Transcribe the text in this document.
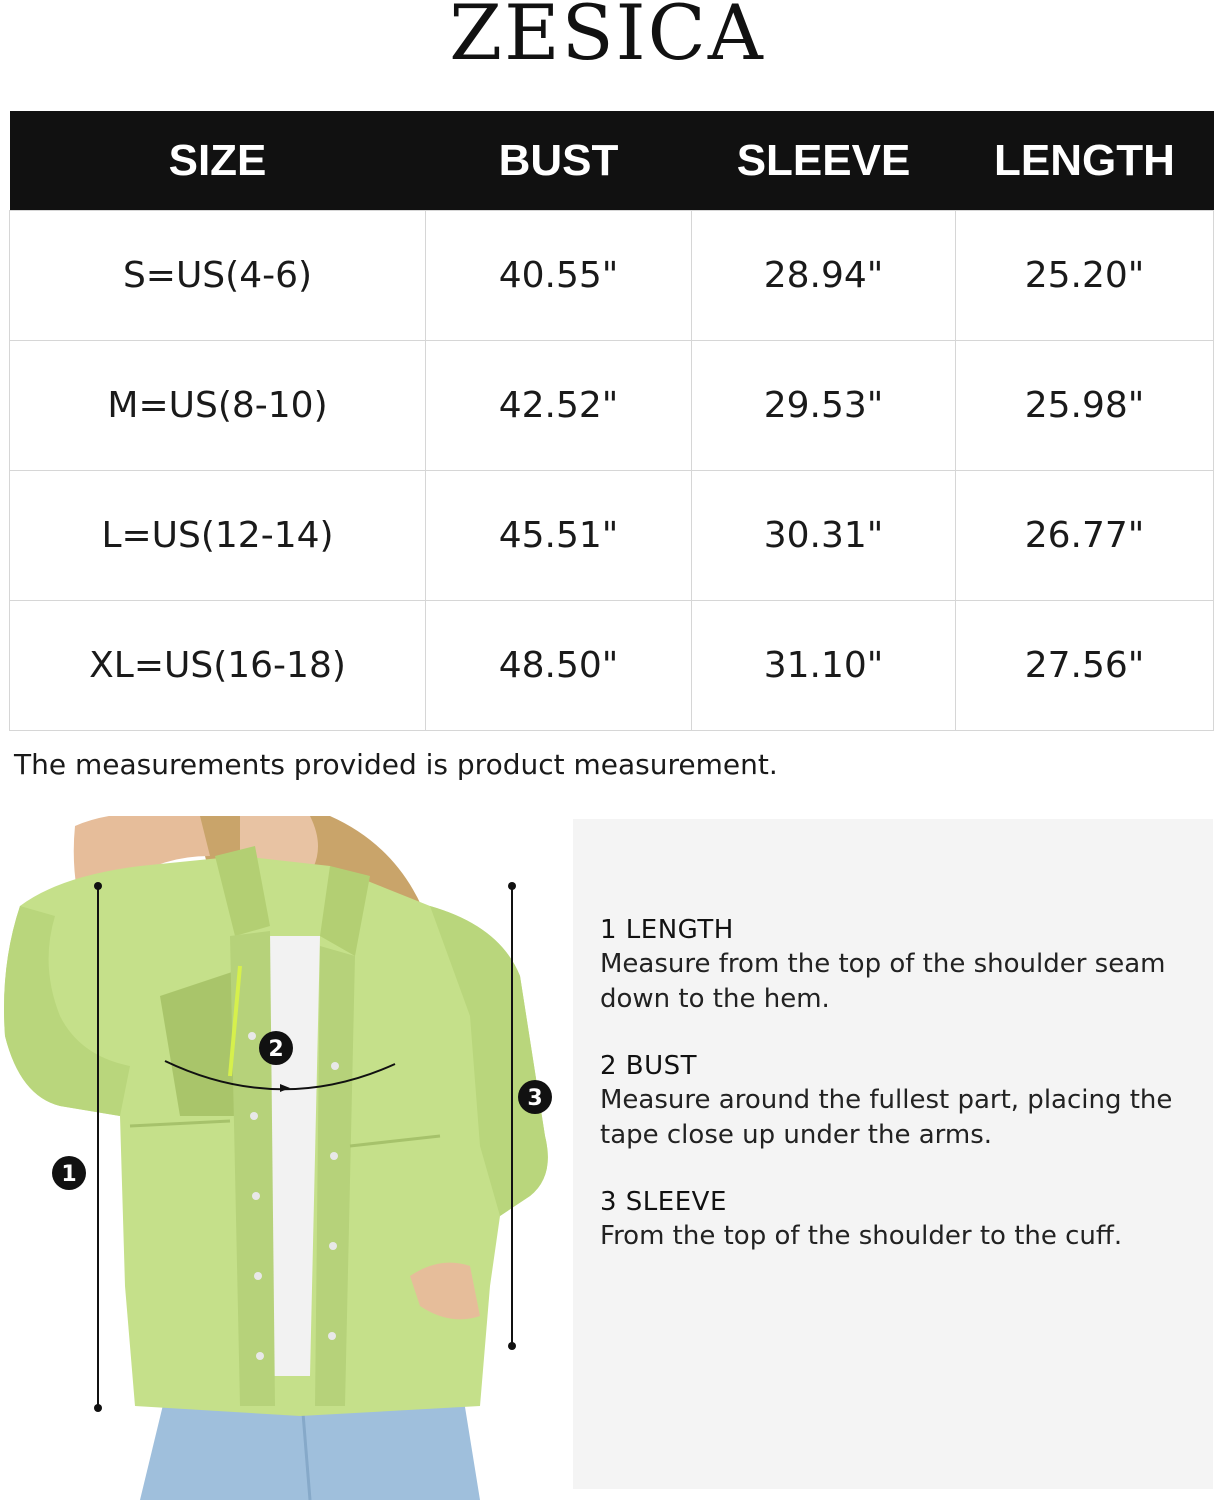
ZESICA
SIZE	BUST	SLEEVE	LENGTH
S=US(4-6)	40.55"	28.94"	25.20"
M=US(8-10)	42.52"	29.53"	25.98"
L=US(12-14)	45.51"	30.31"	26.77"
XL=US(16-18)	48.50"	31.10"	27.56"
The measurements provided is product measurement.
1
2
3
1 LENGTH
Measure from the top of the shoulder seam down to the hem.
2 BUST
Measure around the fullest part, placing the tape close up under the arms.
3 SLEEVE
From the top of the shoulder to the cuff.
